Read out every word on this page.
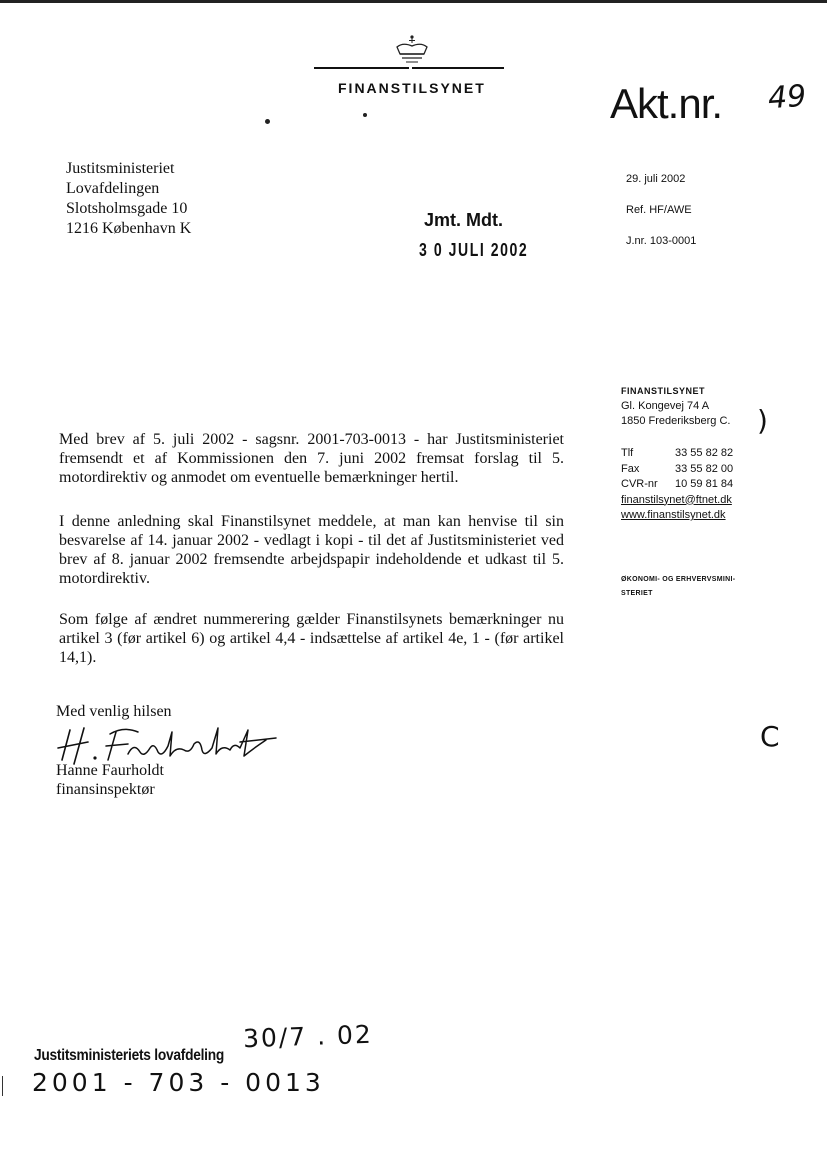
FINANSTILSYNET	Akt.nr. 49
Justitsministeriet
Lovafdelingen
Slotsholmsgade 10
1216 København K	Jmt. Mdt.
3 0 JULI 2002
29. juli 2002
Ref. HF/AWE
J.nr. 103-0001
FINANSTILSYNET
Gl. Kongevej 74 A
1850 Frederiksberg C. )
Tlf	33 55 82 82
Fax	33 55 82 00
CVR-nr	10 59 81 84
finanstilsynet@ftnet.dk
www.finanstilsynet.dk
ØKONOMI- OG ERHVERVSMINI-STERIET
Med brev af 5. juli 2002 - sagsnr. 2001-703-0013 - har Justitsministeriet fremsendt et af Kommissionen den 7. juni 2002 fremsat forslag til 5. motordirektiv og anmodet om eventuelle bemærkninger hertil.
I denne anledning skal Finanstilsynet meddele, at man kan henvise til sin besvarelse af 14. januar 2002 - vedlagt i kopi - til det af Justitsministeriet ved brev af 8. januar 2002 fremsendte arbejdspapir indeholdende et udkast til 5. motordirektiv.
Som følge af ændret nummerering gælder Finanstilsynets bemærkninger nu artikel 3 (før artikel 6) og artikel 4,4 - indsættelse af artikel 4e, 1 - (før artikel 14,1).
Med venlig hilsen
Hanne Faurholdt
finansinspektør
C
30/7 . 02
Justitsministeriets lovafdeling
2001 - 703 - 0013
